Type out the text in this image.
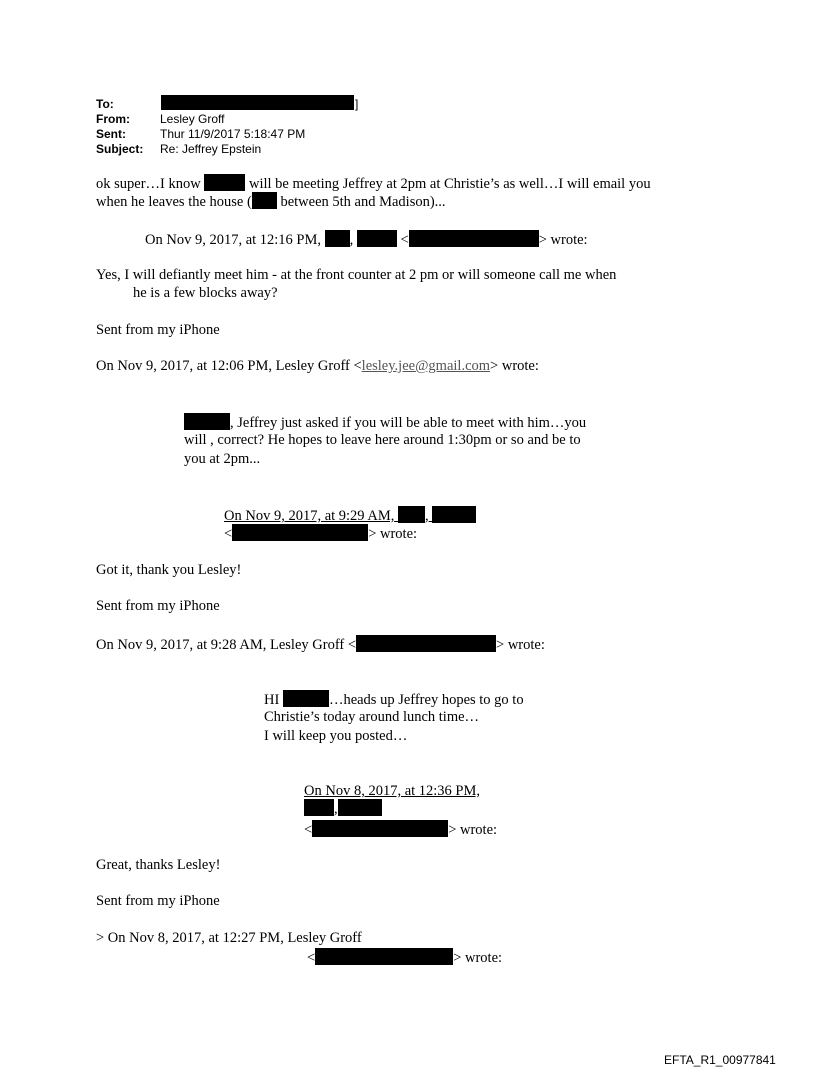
To:	]
From:	Lesley Groff
Sent:	Thur 11/9/2017 5:18:47 PM
Subject: Re: Jeffrey Epstein
ok super…I know	will be meeting Jeffrey at 2pm at Christie’s as well…I will email you
when he leaves the house ( between 5th and Madison)...
On Nov 9, 2017, at 12:16 PM, ,	<	> wrote:
Yes, I will defiantly meet him - at the front counter at 2 pm or will someone call me when
he is a few blocks away?
Sent from my iPhone
On Nov 9, 2017, at 12:06 PM, Lesley Groff <lesley.jee@gmail.com> wrote:
, Jeffrey just asked if you will be able to meet with him…you
will , correct? He hopes to leave here around 1:30pm or so and be to
you at 2pm...
On Nov 9, 2017, at 9:29 AM, ,
<	> wrote:
Got it, thank you Lesley!
Sent from my iPhone
On Nov 9, 2017, at 9:28 AM, Lesley Groff <	> wrote:
HI	…heads up Jeffrey hopes to go to
Christie’s today around lunch time…
I will keep you posted…
On Nov 8, 2017, at 12:36 PM,
,
<	> wrote:
Great, thanks Lesley!
Sent from my iPhone
> On Nov 8, 2017, at 12:27 PM, Lesley Groff
<	> wrote:
EFTA_R1_00977841
